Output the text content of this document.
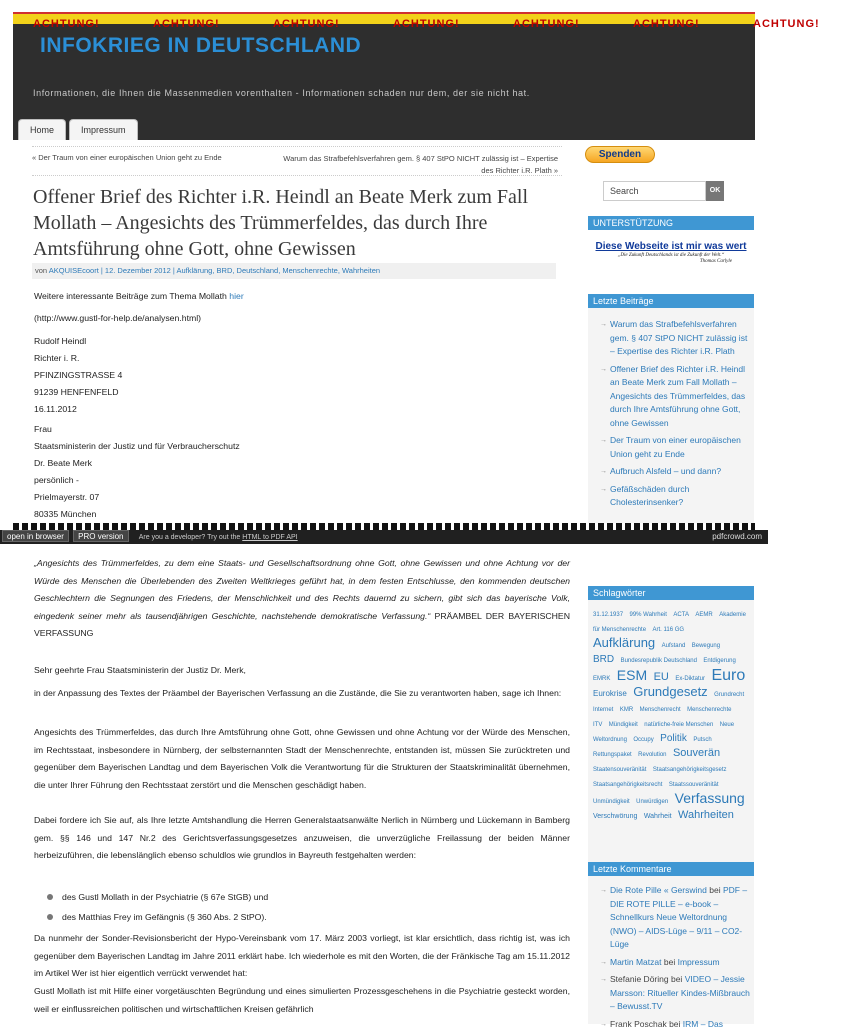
ACHTUNG!	ACHTUNG!	ACHTUNG!	ACHTUNG!	ACHTUNG!	ACHTUNG!	ACHTUNG!
INFOKRIEG IN DEUTSCHLAND
Informationen, die Ihnen die Massenmedien vorenthalten - Informationen schaden nur dem, der sie nicht hat.
Home	Impressum
« Der Traum von einer europäischen Union geht zu Ende	Warum das Strafbefehlsverfahren gem. § 407 StPO NICHT zulässig ist – Expertise des Richter i.R. Plath »
Offener Brief des Richter i.R. Heindl an Beate Merk zum Fall Mollath – Angesichts des Trümmerfeldes, das durch Ihre Amtsführung ohne Gott, ohne Gewissen
von AKQUISEcoort | 12. Dezember 2012 | Aufklärung, BRD, Deutschland, Menschenrechte, Wahrheiten
Weitere interessante Beiträge zum Thema Mollath hier
(http://www.gustl-for-help.de/analysen.html)
Rudolf Heindl
Richter i. R.
PFINZINGSTRASSE 4
91239 HENFENFELD
16.11.2012
Frau
Staatsministerin der Justiz und für Verbraucherschutz
Dr. Beate Merk
persönlich -
Prielmayerstr. 07
80335 München
„Angesichts des Trümmerfeldes, zu dem eine Staats- und Gesellschaftsordnung ohne Gott, ohne Gewissen und ohne Achtung vor der Würde des Menschen die Überlebenden des Zweiten Weltkrieges geführt hat, in dem festen Entschlusse, den kommenden deutschen Geschlechtern die Segnungen des Friedens, der Menschlichkeit und des Rechts dauernd zu sichern, gibt sich das bayerische Volk, eingedenk seiner mehr als tausendjährigen Geschichte, nachstehende demokratische Verfassung.“ PRÄAMBEL DER BAYERISCHEN VERFASSUNG
Sehr geehrte Frau Staatsministerin der Justiz Dr. Merk,
in der Anpassung des Textes der Präambel der Bayerischen Verfassung an die Zustände, die Sie zu verantworten haben, sage ich Ihnen:
Angesichts des Trümmerfeldes, das durch Ihre Amtsführung ohne Gott, ohne Gewissen und ohne Achtung vor der Würde des Menschen, im Rechtsstaat, insbesondere in Nürnberg, der selbsternannten Stadt der Menschenrechte, entstanden ist, müssen Sie zurücktreten und gegenüber dem Bayerischen Landtag und dem Bayerischen Volk die Verantwortung für die Strukturen der Staatskriminalität übernehmen, die unter Ihrer Führung den Rechtsstaat zerstört und die Menschen geschädigt haben.
Dabei fordere ich Sie auf, als Ihre letzte Amtshandlung die Herren Generalstaatsanwälte Nerlich in Nürnberg und Lückemann in Bamberg gem. §§ 146 und 147 Nr.2 des Gerichtsverfassungsgesetzes anzuweisen, die unverzügliche Freilassung der beiden Männer herbeizuführen, die lebenslänglich ebenso schuldlos wie grundlos in Bayreuth festgehalten werden:
des Gustl Mollath in der Psychiatrie (§ 67e StGB) und
des Matthias Frey im Gefängnis (§ 360 Abs. 2 StPO).
Da nunmehr der Sonder-Revisionsbericht der Hypo-Vereinsbank vom 17. März 2003 vorliegt, ist klar ersichtlich, dass richtig ist, was ich gegenüber dem Bayerischen Landtag im Jahre 2011 erklärt habe. Ich wiederhole es mit den Worten, die der Fränkische Tag am 15.11.2012 im Artikel Wer ist hier eigentlich verrückt verwendet hat:
Gustl Mollath ist mit Hilfe einer vorgetäuschten Begründung und eines simulierten Prozessgeschehens in die Psychiatrie gesteckt worden, weil er einflussreichen politischen und wirtschaftlichen Kreisen gefährlich
Spenden
Search	OK
UNTERSTÜTZUNG
Diese Webseite ist mir was wert
„Die Zukunft Deutschlands ist die Zukunft der Welt.“
Thomas Carlyle
Letzte Beiträge
→ Warum das Strafbefehlsverfahren gem. § 407 StPO NICHT zulässig ist – Expertise des Richter i.R. Plath
→ Offener Brief des Richter i.R. Heindl an Beate Merk zum Fall Mollath – Angesichts des Trümmerfeldes, das durch Ihre Amtsführung ohne Gott, ohne Gewissen
→ Der Traum von einer europäischen Union geht zu Ende
→ Aufbruch Alsfeld – und dann?
→ Gefäßschäden durch Cholesterinsenker?
Schlagwörter
31.12.1937 99% Wahrheit ACTA AEMR Akademie für Menschenrechte Art. 116 GG Aufklärung Aufstand Bewegung BRD Bundesrepublik Deutschland Entdigerung EMRK ESM EU Ex-Diktatur Euro Eurokrise Grundgesetz Grundrecht Internet KMR Menschenrecht Menschenrechte ITV Mündigkeit natürliche-freie Menschen Neue Weltordnung Occupy Politik Putsch Rettungspaket Revolution Souverän Staatensouveränität Staatsangehörigkeitsgesetz Staatsangehörigkeitsrecht Staatssouveränität Unmündigkeit Unwürdigen Verfassung Verschwörung Wahrheit Wahrheiten
Letzte Kommentare
→ Die Rote Pille « Gerswind bei PDF – DIE ROTE PILLE – e-book – Schnellkurs Neue Weltordnung (NWO) – AIDS-Lüge – 9/11 – CO2-Lüge
→ Martin Matzat bei Impressum
→ Stefanie Döring bei VIDEO – Jessie Marsson: Ritueller Kindes-Mißbrauch – Bewusst.TV
→ Frank Poschak bei IRM – Das
open in browser PRO version Are you a developer? Try out the HTML to PDF API	pdfcrowd.com
